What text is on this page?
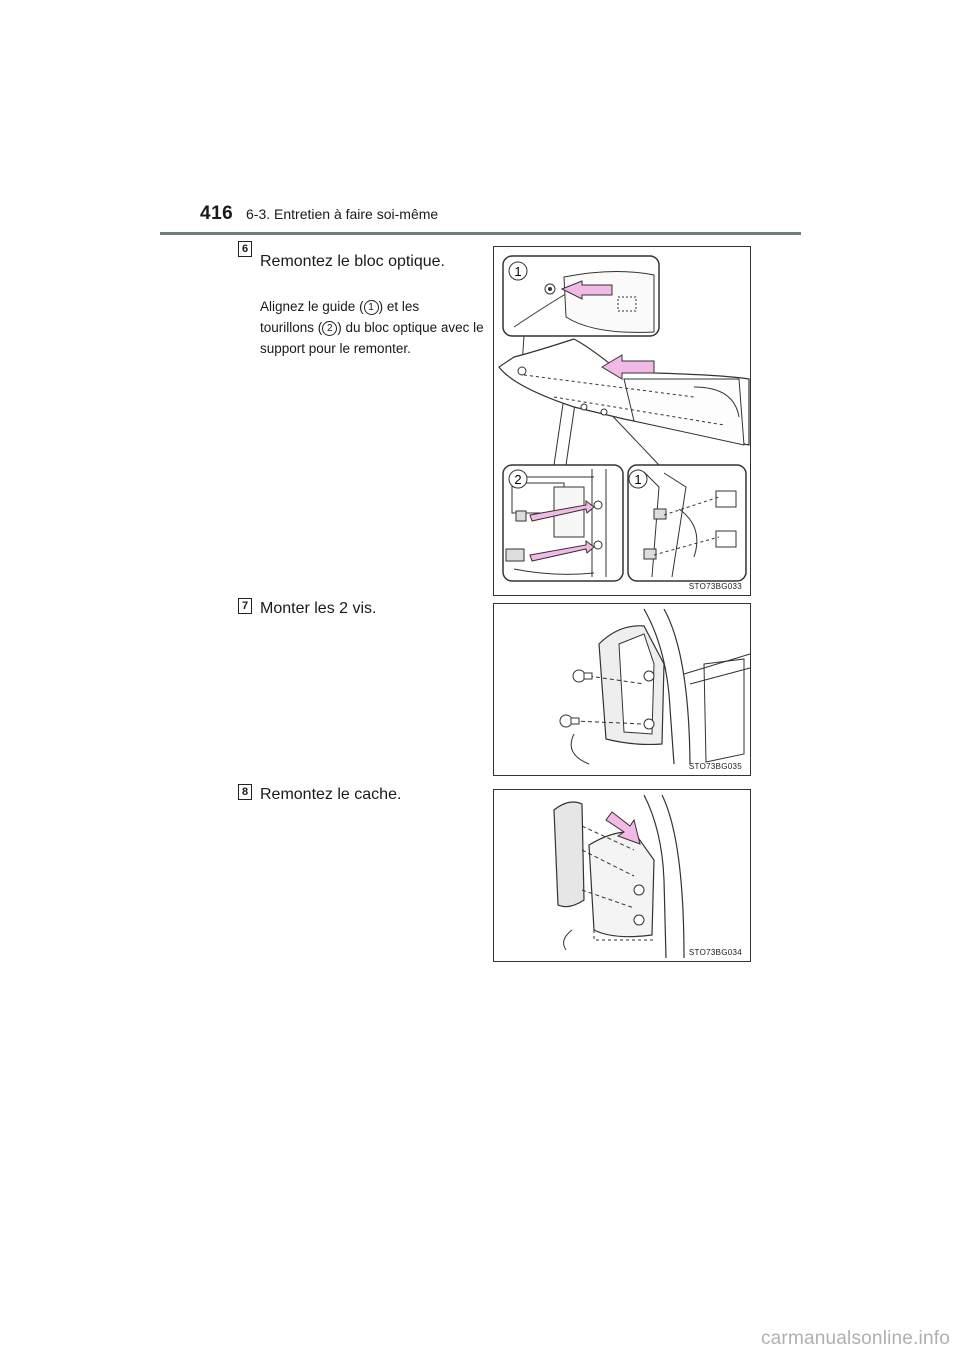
416 6-3. Entretien à faire soi-même
6
Remontez le bloc optique.
Alignez le guide ( 1 ) et les
tourillons ( 2 ) du bloc optique avec le support pour le remonter.
1
2	1
STO73BG033
7 Monter les 2 vis.
STO73BG035
8 Remontez le cache.
STO73BG034
carmanualsonline.info
